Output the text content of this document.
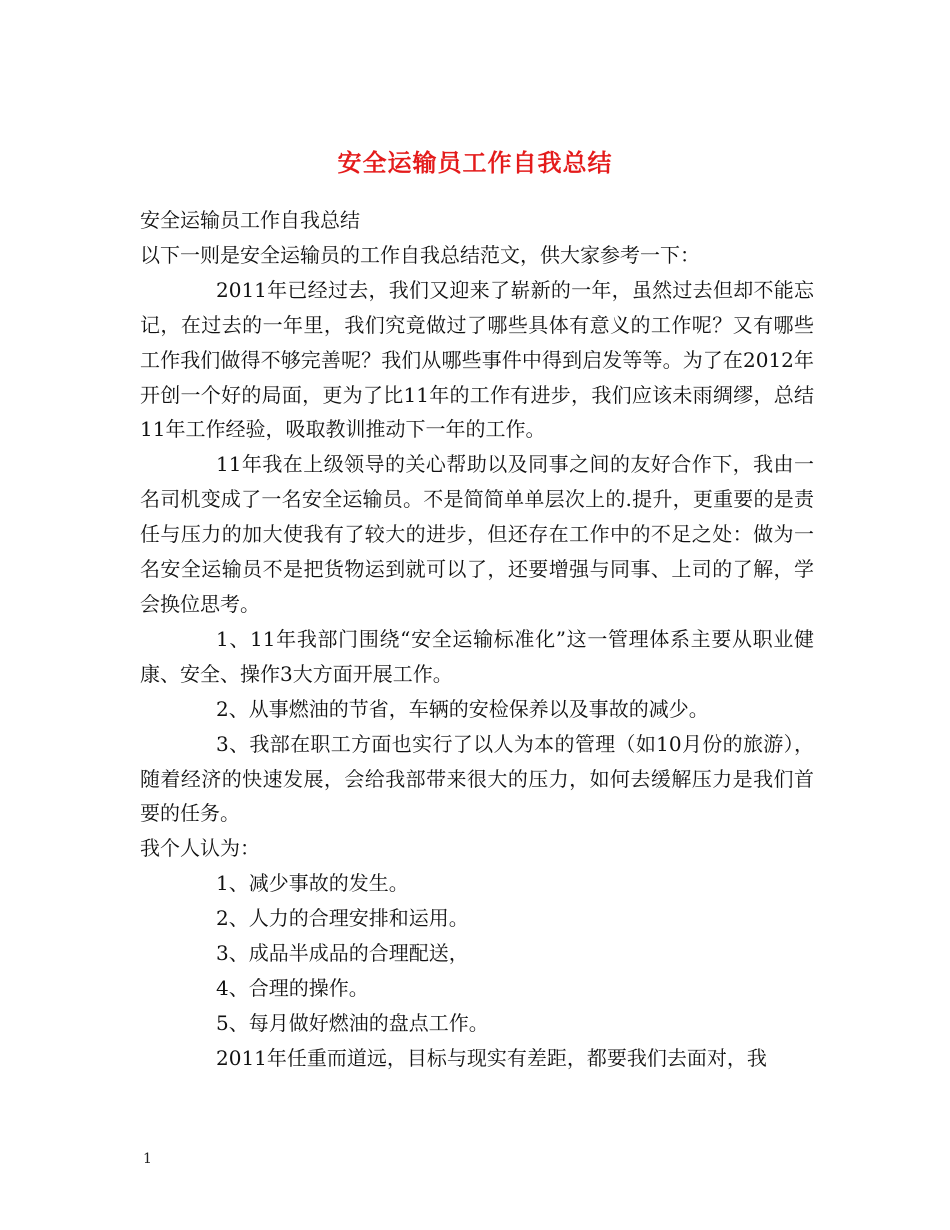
安全运输员工作自我总结

安全运输员工作自我总结

以下一则是安全运输员的工作自我总结范文，供大家参考一下：

2011年已经过去，我们又迎来了崭新的一年，虽然过去但却不能忘记，在过去的一年里，我们究竟做过了哪些具体有意义的工作呢？又有哪些工作我们做得不够完善呢？我们从哪些事件中得到启发等等。为了在2012年开创一个好的局面，更为了比11年的工作有进步，我们应该未雨绸缪，总结11年工作经验，吸取教训推动下一年的工作。

11年我在上级领导的关心帮助以及同事之间的友好合作下，我由一名司机变成了一名安全运输员。不是简简单单层次上的.提升，更重要的是责任与压力的加大使我有了较大的进步，但还存在工作中的不足之处：做为一名安全运输员不是把货物运到就可以了，还要增强与同事、上司的了解，学会换位思考。

1、11年我部门围绕“安全运输标准化”这一管理体系主要从职业健康、安全、操作3大方面开展工作。

2、从事燃油的节省，车辆的安检保养以及事故的减少。

3、我部在职工方面也实行了以人为本的管理（如10月份的旅游），随着经济的快速发展，会给我部带来很大的压力，如何去缓解压力是我们首要的任务。

我个人认为：

1、减少事故的发生。

2、人力的合理安排和运用。

3、成品半成品的合理配送，

4、合理的操作。

5、每月做好燃油的盘点工作。

2011年任重而道远，目标与现实有差距，都要我们去面对，我

1
